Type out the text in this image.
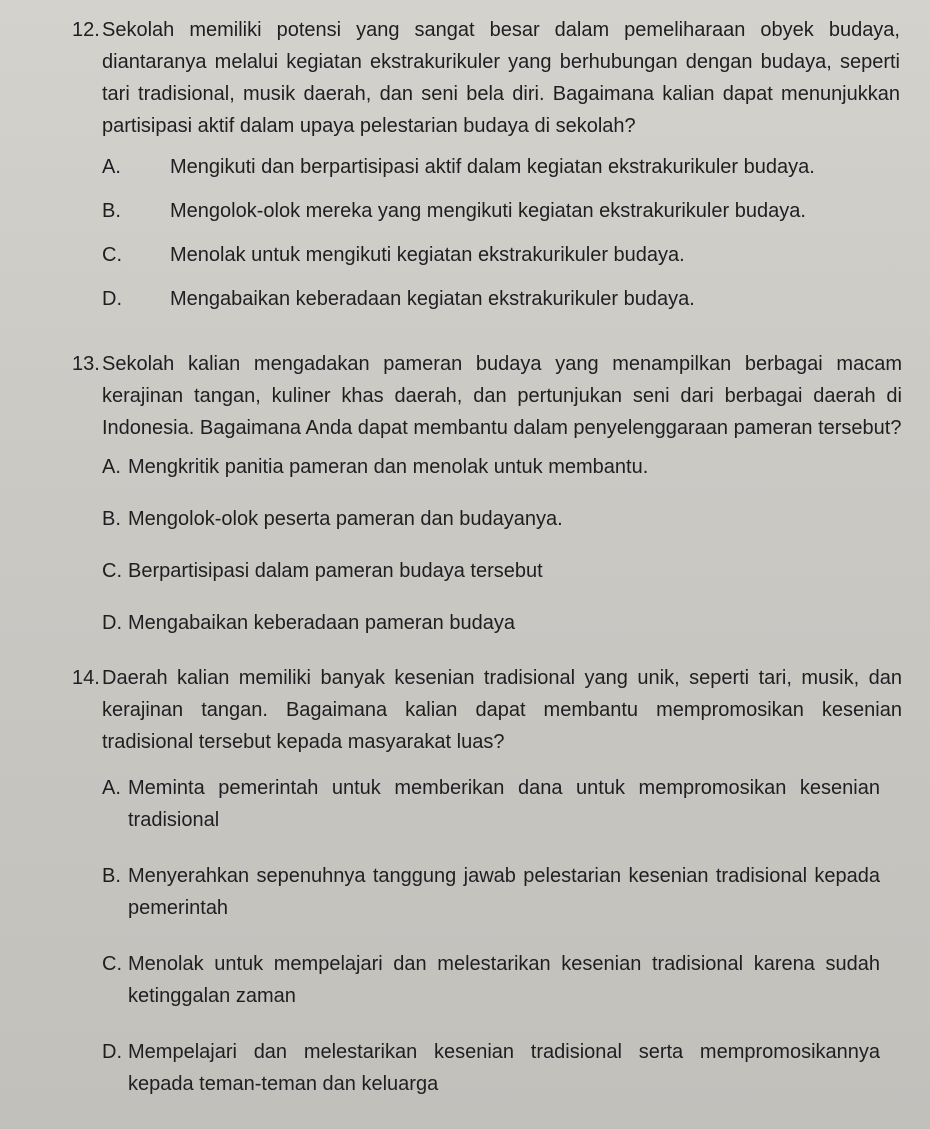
12. Sekolah memiliki potensi yang sangat besar dalam pemeliharaan obyek budaya, diantaranya melalui kegiatan ekstrakurikuler yang berhubungan dengan budaya, seperti tari tradisional, musik daerah, dan seni bela diri. Bagaimana kalian dapat menunjukkan partisipasi aktif dalam upaya pelestarian budaya di sekolah?
A.	Mengikuti dan berpartisipasi aktif dalam kegiatan ekstrakurikuler budaya.
B.	Mengolok-olok mereka yang mengikuti kegiatan ekstrakurikuler budaya.
C.	Menolak untuk mengikuti kegiatan ekstrakurikuler budaya.
D.	Mengabaikan keberadaan kegiatan ekstrakurikuler budaya.
13. Sekolah kalian mengadakan pameran budaya yang menampilkan berbagai macam kerajinan tangan, kuliner khas daerah, dan pertunjukan seni dari berbagai daerah di Indonesia. Bagaimana Anda dapat membantu dalam penyelenggaraan pameran tersebut?
A. Mengkritik panitia pameran dan menolak untuk membantu.
B. Mengolok-olok peserta pameran dan budayanya.
C. Berpartisipasi dalam pameran budaya tersebut
D. Mengabaikan keberadaan pameran budaya
14. Daerah kalian memiliki banyak kesenian tradisional yang unik, seperti tari, musik, dan kerajinan tangan. Bagaimana kalian dapat membantu mempromosikan kesenian tradisional tersebut kepada masyarakat luas?
A. Meminta pemerintah untuk memberikan dana untuk mempromosikan kesenian tradisional
B. Menyerahkan sepenuhnya tanggung jawab pelestarian kesenian tradisional kepada pemerintah
C. Menolak untuk mempelajari dan melestarikan kesenian tradisional karena sudah ketinggalan zaman
D. Mempelajari dan melestarikan kesenian tradisional serta mempromosikannya kepada teman-teman dan keluarga
